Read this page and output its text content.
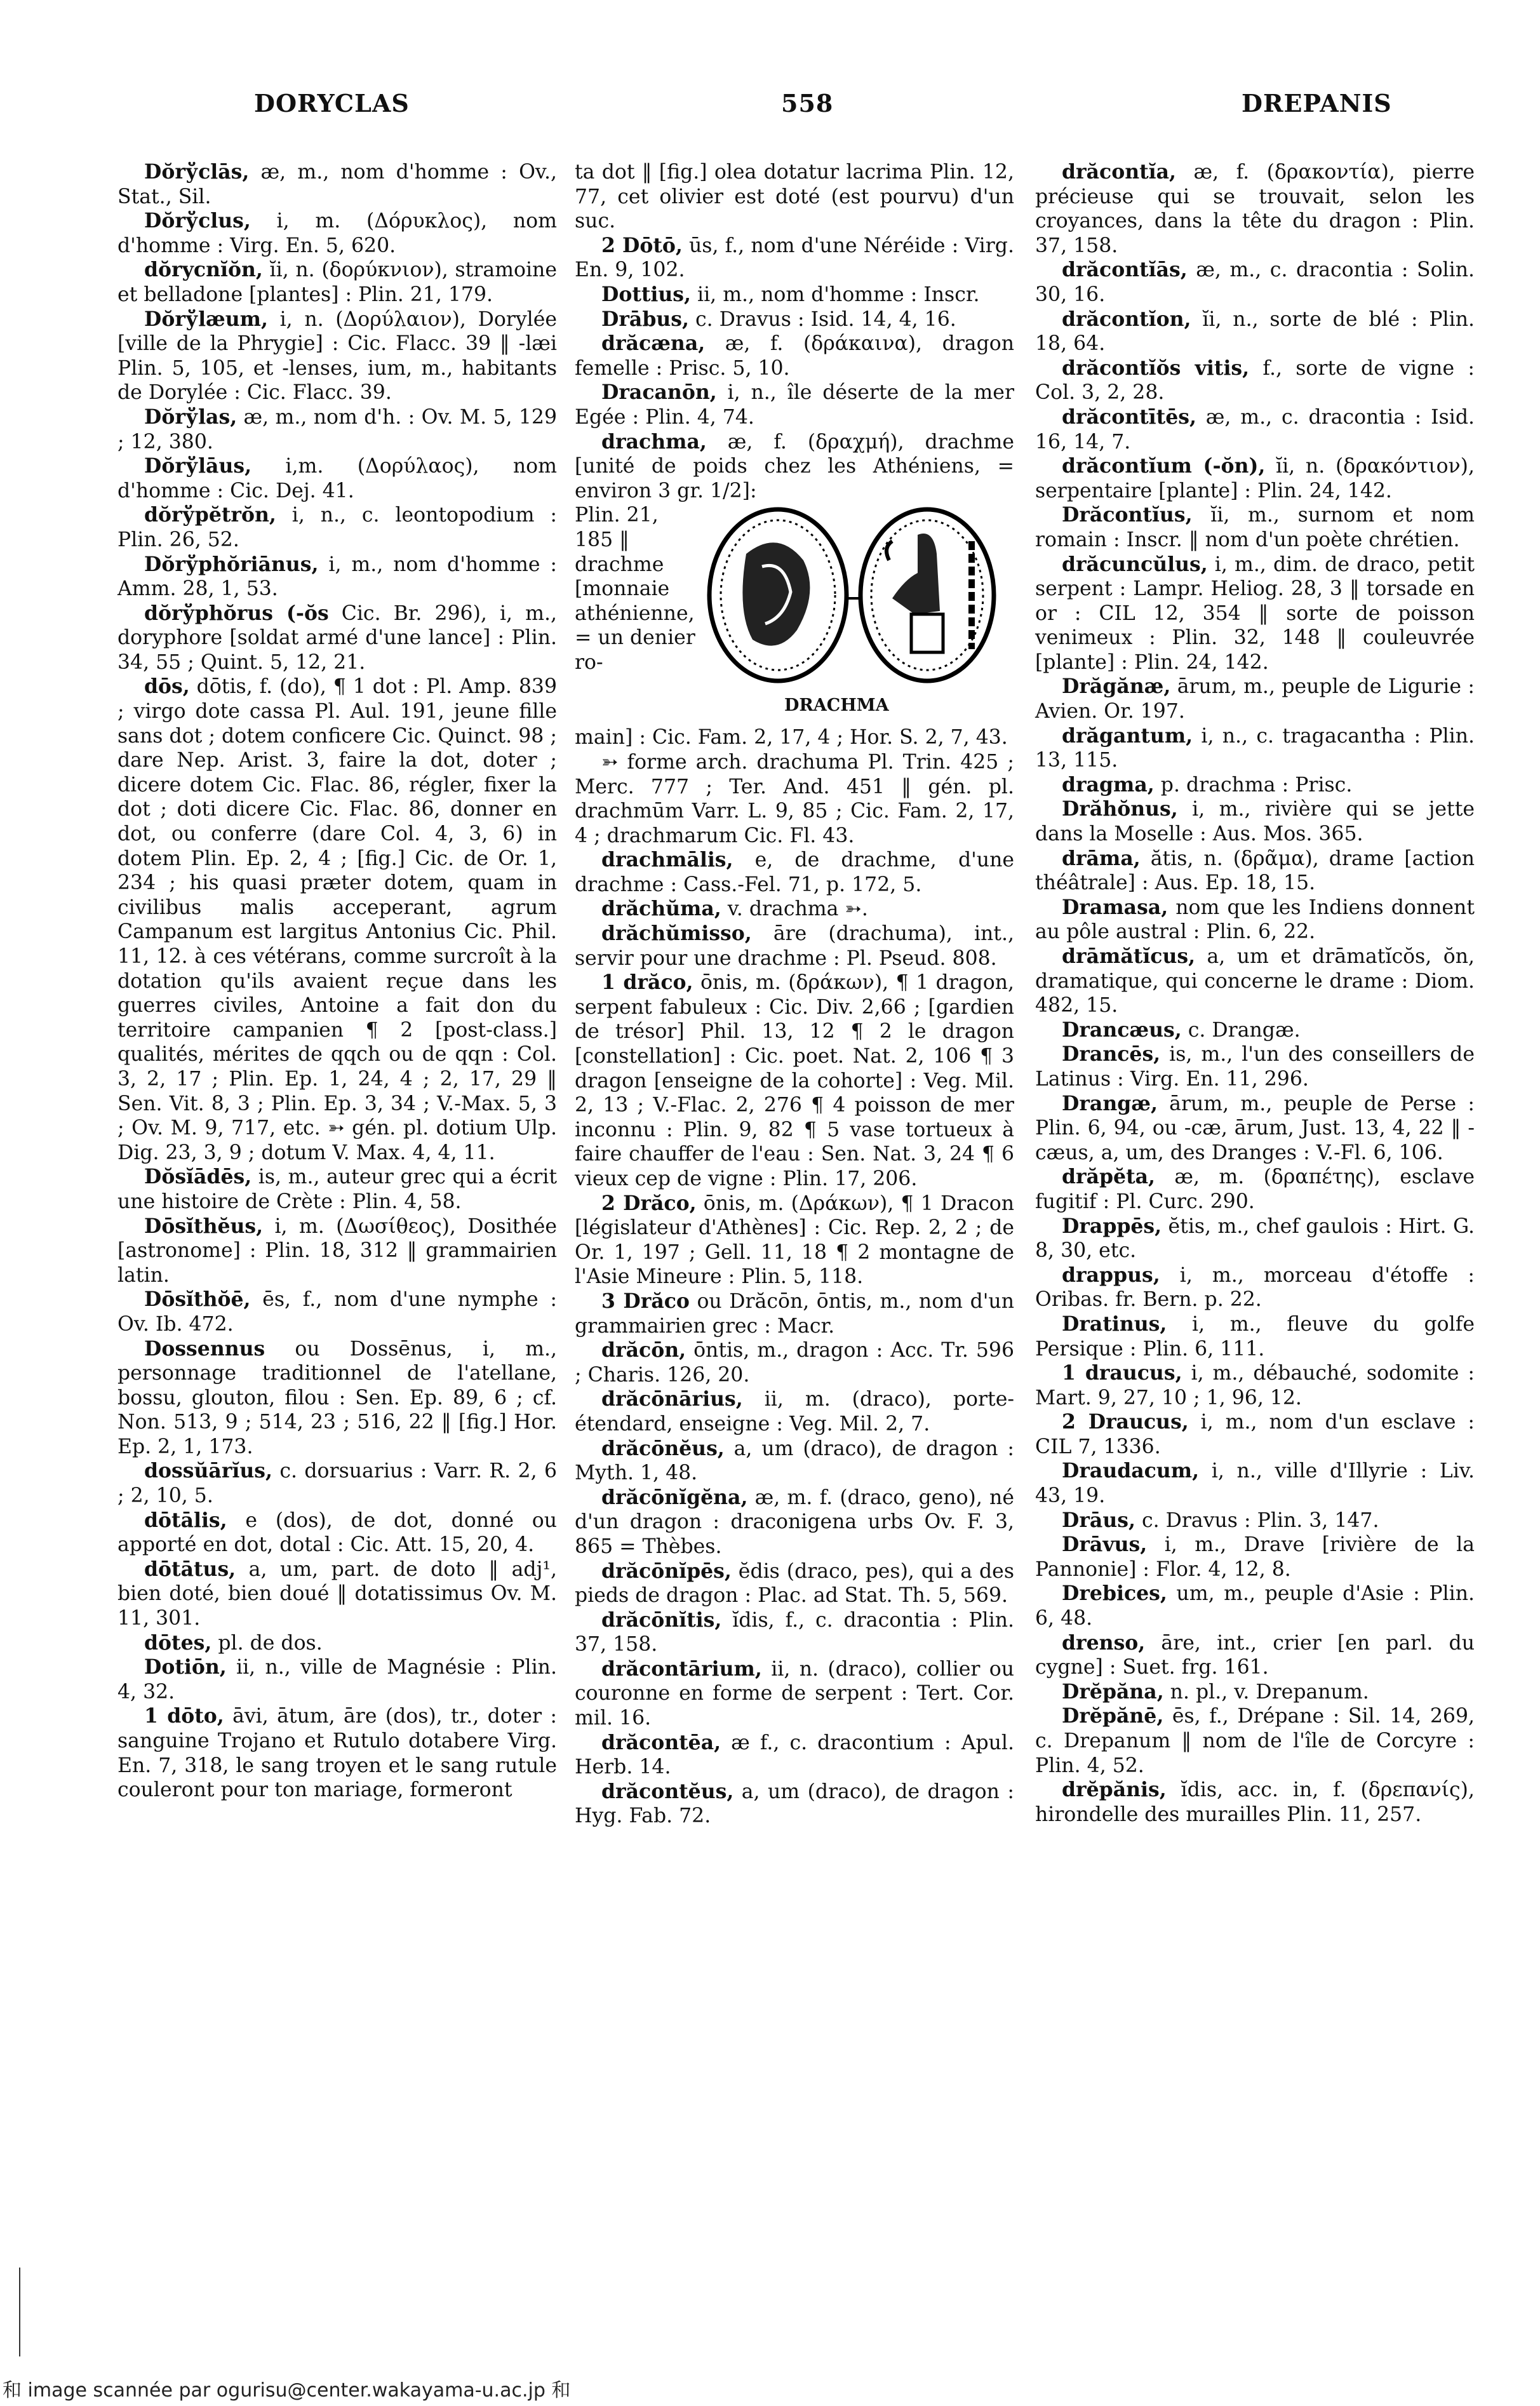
DORYCLAS	558	DREPANIS

Dŏrўclās, æ, m., nom d'homme : Ov., Stat., Sil.

Dŏrўclus, i, m. (Δόρυκλος), nom d'homme : Virg. En. 5, 620.

dŏrycnĭŏn, ĭi, n. (δορύκνιον), stramoine et belladone [plantes] : Plin. 21, 179.

Dŏrўlæum, i, n. (Δορύλαιον), Dorylée [ville de la Phrygie] : Cic. Flacc. 39 ‖ -læi Plin. 5, 105, et -lenses, ium, m., habitants de Dorylée : Cic. Flacc. 39.

Dŏrўlas, æ, m., nom d'h. : Ov. M. 5, 129 ; 12, 380.

Dŏrўlāus, i,m. (Δορύλαος), nom d'homme : Cic. Dej. 41.

dŏrўpĕtrŏn, i, n., c. leontopodium : Plin. 26, 52.

Dŏrўphŏriānus, i, m., nom d'homme : Amm. 28, 1, 53.

dŏrўphŏrus (-ŏs Cic. Br. 296), i, m., doryphore [soldat armé d'une lance] : Plin. 34, 55 ; Quint. 5, 12, 21.

dōs, dōtis, f. (do), ¶ 1 dot : Pl. Amp. 839 ; virgo dote cassa Pl. Aul. 191, jeune fille sans dot ; dotem conficere Cic. Quinct. 98 ; dare Nep. Arist. 3, faire la dot, doter ; dicere dotem Cic. Flac. 86, régler, fixer la dot ; doti dicere Cic. Flac. 86, donner en dot, ou conferre (dare Col. 4, 3, 6) in dotem Plin. Ep. 2, 4 ; [fig.] Cic. de Or. 1, 234 ; his quasi præter dotem, quam in civilibus malis acceperant, agrum Campanum est largitus Antonius Cic. Phil. 11, 12. à ces vétérans, comme surcroît à la dotation qu'ils avaient reçue dans les guerres civiles, Antoine a fait don du territoire campanien ¶ 2 [post-class.] qualités, mérites de qqch ou de qqn : Col. 3, 2, 17 ; Plin. Ep. 1, 24, 4 ; 2, 17, 29 ‖ Sen. Vit. 8, 3 ; Plin. Ep. 3, 34 ; V.-Max. 5, 3 ; Ov. M. 9, 717, etc. ➳ gén. pl. dotium Ulp. Dig. 23, 3, 9 ; dotum V. Max. 4, 4, 11.

Dŏsĭādēs, is, m., auteur grec qui a écrit une histoire de Crète : Plin. 4, 58.

Dōsĭthĕus, i, m. (Δωσίθεος), Dosithée [astronome] : Plin. 18, 312 ‖ grammairien latin.

Dōsĭthŏē, ēs, f., nom d'une nymphe : Ov. Ib. 472.

Dossennus ou Dossēnus, i, m., personnage traditionnel de l'atellane, bossu, glouton, filou : Sen. Ep. 89, 6 ; cf. Non. 513, 9 ; 514, 23 ; 516, 22 ‖ [fig.] Hor. Ep. 2, 1, 173.

dossŭārĭus, c. dorsuarius : Varr. R. 2, 6 ; 2, 10, 5.

dōtālis, e (dos), de dot, donné ou apporté en dot, dotal : Cic. Att. 15, 20, 4.

dōtātus, a, um, part. de doto ‖ adj¹, bien doté, bien doué ‖ dotatissimus Ov. M. 11, 301.

dōtes, pl. de dos.

Dotiōn, ii, n., ville de Magnésie : Plin. 4, 32.

1 dōto, āvi, ātum, āre (dos), tr., doter : sanguine Trojano et Rutulo dotabere Virg. En. 7, 318, le sang troyen et le sang rutule couleront pour ton mariage, formeront

ta dot ‖ [fig.] olea dotatur lacrima Plin. 12, 77, cet olivier est doté (est pourvu) d'un suc.

2 Dōtō, ūs, f., nom d'une Néréide : Virg. En. 9, 102.

Dottius, ii, m., nom d'homme : Inscr.

Drābus, c. Dravus : Isid. 14, 4, 16.

drăcæna, æ, f. (δράκαινα), dragon femelle : Prisc. 5, 10.

Dracanōn, i, n., île déserte de la mer Egée : Plin. 4, 74.

drachma, æ, f. (δραχμή), drachme [unité de poids chez les Athéniens, = environ 3 gr. 1/2]:

Plin. 21, 185 ‖ drachme [monnaie athénienne, = un denier ro-
DRACHMA

main] : Cic. Fam. 2, 17, 4 ; Hor. S. 2, 7, 43.

➳ forme arch. drachuma Pl. Trin. 425 ; Merc. 777 ; Ter. And. 451 ‖ gén. pl. drachmūm Varr. L. 9, 85 ; Cic. Fam. 2, 17, 4 ; drachmarum Cic. Fl. 43.

drachmālis, e, de drachme, d'une drachme : Cass.-Fel. 71, p. 172, 5.

drăchŭma, v. drachma ➳.

drăchŭmisso, āre (drachuma), int., servir pour une drachme : Pl. Pseud. 808.

1 drăco, ōnis, m. (δράκων), ¶ 1 dragon, serpent fabuleux : Cic. Div. 2,66 ; [gardien de trésor] Phil. 13, 12 ¶ 2 le dragon [constellation] : Cic. poet. Nat. 2, 106 ¶ 3 dragon [enseigne de la cohorte] : Veg. Mil. 2, 13 ; V.-Flac. 2, 276 ¶ 4 poisson de mer inconnu : Plin. 9, 82 ¶ 5 vase tortueux à faire chauffer de l'eau : Sen. Nat. 3, 24 ¶ 6 vieux cep de vigne : Plin. 17, 206.

2 Drăco, ōnis, m. (Δράκων), ¶ 1 Dracon [législateur d'Athènes] : Cic. Rep. 2, 2 ; de Or. 1, 197 ; Gell. 11, 18 ¶ 2 montagne de l'Asie Mineure : Plin. 5, 118.

3 Drăco ou Drăcōn, ōntis, m., nom d'un grammairien grec : Macr.

drăcōn, ōntis, m., dragon : Acc. Tr. 596 ; Charis. 126, 20.

drăcōnārius, ii, m. (draco), porte-étendard, enseigne : Veg. Mil. 2, 7.

drăcōnĕus, a, um (draco), de dragon : Myth. 1, 48.

drăcōnĭgĕna, æ, m. f. (draco, geno), né d'un dragon : draconigena urbs Ov. F. 3, 865 = Thèbes.

drăcōnĭpēs, ĕdis (draco, pes), qui a des pieds de dragon : Plac. ad Stat. Th. 5, 569.

drăcōnĭtis, ĭdis, f., c. dracontia : Plin. 37, 158.

drăcontārium, ii, n. (draco), collier ou couronne en forme de serpent : Tert. Cor. mil. 16.

drăcontēa, æ f., c. dracontium : Apul. Herb. 14.

drăcontĕus, a, um (draco), de dragon : Hyg. Fab. 72.

drăcontĭa, æ, f. (δρακοντία), pierre précieuse qui se trouvait, selon les croyances, dans la tête du dragon : Plin. 37, 158.

drăcontĭās, æ, m., c. dracontia : Solin. 30, 16.

drăcontĭon, ĭi, n., sorte de blé : Plin. 18, 64.

drăcontĭŏs vitis, f., sorte de vigne : Col. 3, 2, 28.

drăcontītēs, æ, m., c. dracontia : Isid. 16, 14, 7.

drăcontĭum (-ŏn), ĭi, n. (δρακόντιον), serpentaire [plante] : Plin. 24, 142.

Drăcontĭus, ĭi, m., surnom et nom romain : Inscr. ‖ nom d'un poète chrétien.

drăcuncŭlus, i, m., dim. de draco, petit serpent : Lampr. Heliog. 28, 3 ‖ torsade en or : CIL 12, 354 ‖ sorte de poisson venimeux : Plin. 32, 148 ‖ couleuvrée [plante] : Plin. 24, 142.

Drăgănæ, ārum, m., peuple de Ligurie : Avien. Or. 197.

drăgantum, i, n., c. tragacantha : Plin. 13, 115.

dragma, p. drachma : Prisc.

Drăhŏnus, i, m., rivière qui se jette dans la Moselle : Aus. Mos. 365.

drāma, ătis, n. (δρᾶμα), drame [action théâtrale] : Aus. Ep. 18, 15.

Dramasa, nom que les Indiens donnent au pôle austral : Plin. 6, 22.

drāmătĭcus, a, um et drāmatĭcŏs, ŏn, dramatique, qui concerne le drame : Diom. 482, 15.

Drancæus, c. Drangæ.

Drancēs, is, m., l'un des conseillers de Latinus : Virg. En. 11, 296.

Drangæ, ārum, m., peuple de Perse : Plin. 6, 94, ou -cæ, ārum, Just. 13, 4, 22 ‖ -cæus, a, um, des Dranges : V.-Fl. 6, 106.

drăpĕta, æ, m. (δραπέτης), esclave fugitif : Pl. Curc. 290.

Drappēs, ĕtis, m., chef gaulois : Hirt. G. 8, 30, etc.

drappus, i, m., morceau d'étoffe : Oribas. fr. Bern. p. 22.

Dratinus, i, m., fleuve du golfe Persique : Plin. 6, 111.

1 draucus, i, m., débauché, sodomite : Mart. 9, 27, 10 ; 1, 96, 12.

2 Draucus, i, m., nom d'un esclave : CIL 7, 1336.

Draudacum, i, n., ville d'Illyrie : Liv. 43, 19.

Drāus, c. Dravus : Plin. 3, 147.

Drāvus, i, m., Drave [rivière de la Pannonie] : Flor. 4, 12, 8.

Drebices, um, m., peuple d'Asie : Plin. 6, 48.

drenso, āre, int., crier [en parl. du cygne] : Suet. frg. 161.

Drĕpăna, n. pl., v. Drepanum.

Drĕpănē, ēs, f., Drépane : Sil. 14, 269, c. Drepanum ‖ nom de l'île de Corcyre : Plin. 4, 52.

drĕpănis, ĭdis, acc. in, f. (δρεπανίς), hirondelle des murailles Plin. 11, 257.

和 image scannée par ogurisu@center.wakayama-u.ac.jp 和
